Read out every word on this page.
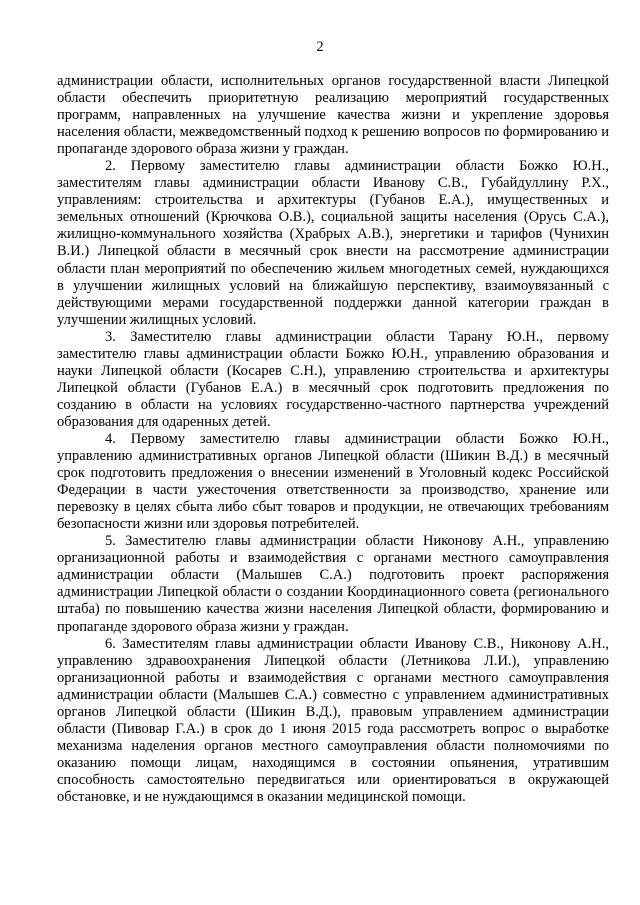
2

администрации области, исполнительных органов государственной власти Липецкой области обеспечить приоритетную реализацию мероприятий государственных программ, направленных на улучшение качества жизни и укрепление здоровья населения области, межведомственный подход к решению вопросов по формированию и пропаганде здорового образа жизни у граждан.

2. Первому заместителю главы администрации области Божко Ю.Н., заместителям главы администрации области Иванову С.В., Губайдуллину Р.Х., управлениям: строительства и архитектуры (Губанов Е.А.), имущественных и земельных отношений (Крючкова О.В.), социальной защиты населения (Орусь С.А.), жилищно-коммунального хозяйства (Храбрых А.В.), энергетики и тарифов (Чунихин В.И.) Липецкой области в месячный срок внести на рассмотрение администрации области план мероприятий по обеспечению жильем многодетных семей, нуждающихся в улучшении жилищных условий на ближайшую перспективу, взаимоувязанный с действующими мерами государственной поддержки данной категории граждан в улучшении жилищных условий.

3. Заместителю главы администрации области Тарану Ю.Н., первому заместителю главы администрации области Божко Ю.Н., управлению образования и науки Липецкой области (Косарев С.Н.), управлению строительства и архитектуры Липецкой области (Губанов Е.А.) в месячный срок подготовить предложения по созданию в области на условиях государственно-частного партнерства учреждений образования для одаренных детей.

4. Первому заместителю главы администрации области Божко Ю.Н., управлению административных органов Липецкой области (Шикин В.Д.) в месячный срок подготовить предложения о внесении изменений в Уголовный кодекс Российской Федерации в части ужесточения ответственности за производство, хранение или перевозку в целях сбыта либо сбыт товаров и продукции, не отвечающих требованиям безопасности жизни или здоровья потребителей.

5. Заместителю главы администрации области Никонову А.Н., управлению организационной работы и взаимодействия с органами местного самоуправления администрации области (Малышев С.А.) подготовить проект распоряжения администрации Липецкой области о создании Координационного совета (регионального штаба) по повышению качества жизни населения Липецкой области, формированию и пропаганде здорового образа жизни у граждан.

6. Заместителям главы администрации области Иванову С.В., Никонову А.Н., управлению здравоохранения Липецкой области (Летникова Л.И.), управлению организационной работы и взаимодействия с органами местного самоуправления администрации области (Малышев С.А.) совместно с управлением административных органов Липецкой области (Шикин В.Д.), правовым управлением администрации области (Пивовар Г.А.) в срок до 1 июня 2015 года рассмотреть вопрос о выработке механизма наделения органов местного самоуправления области полномочиями по оказанию помощи лицам, находящимся в состоянии опьянения, утратившим способность самостоятельно передвигаться или ориентироваться в окружающей обстановке, и не нуждающимся в оказании медицинской помощи.
